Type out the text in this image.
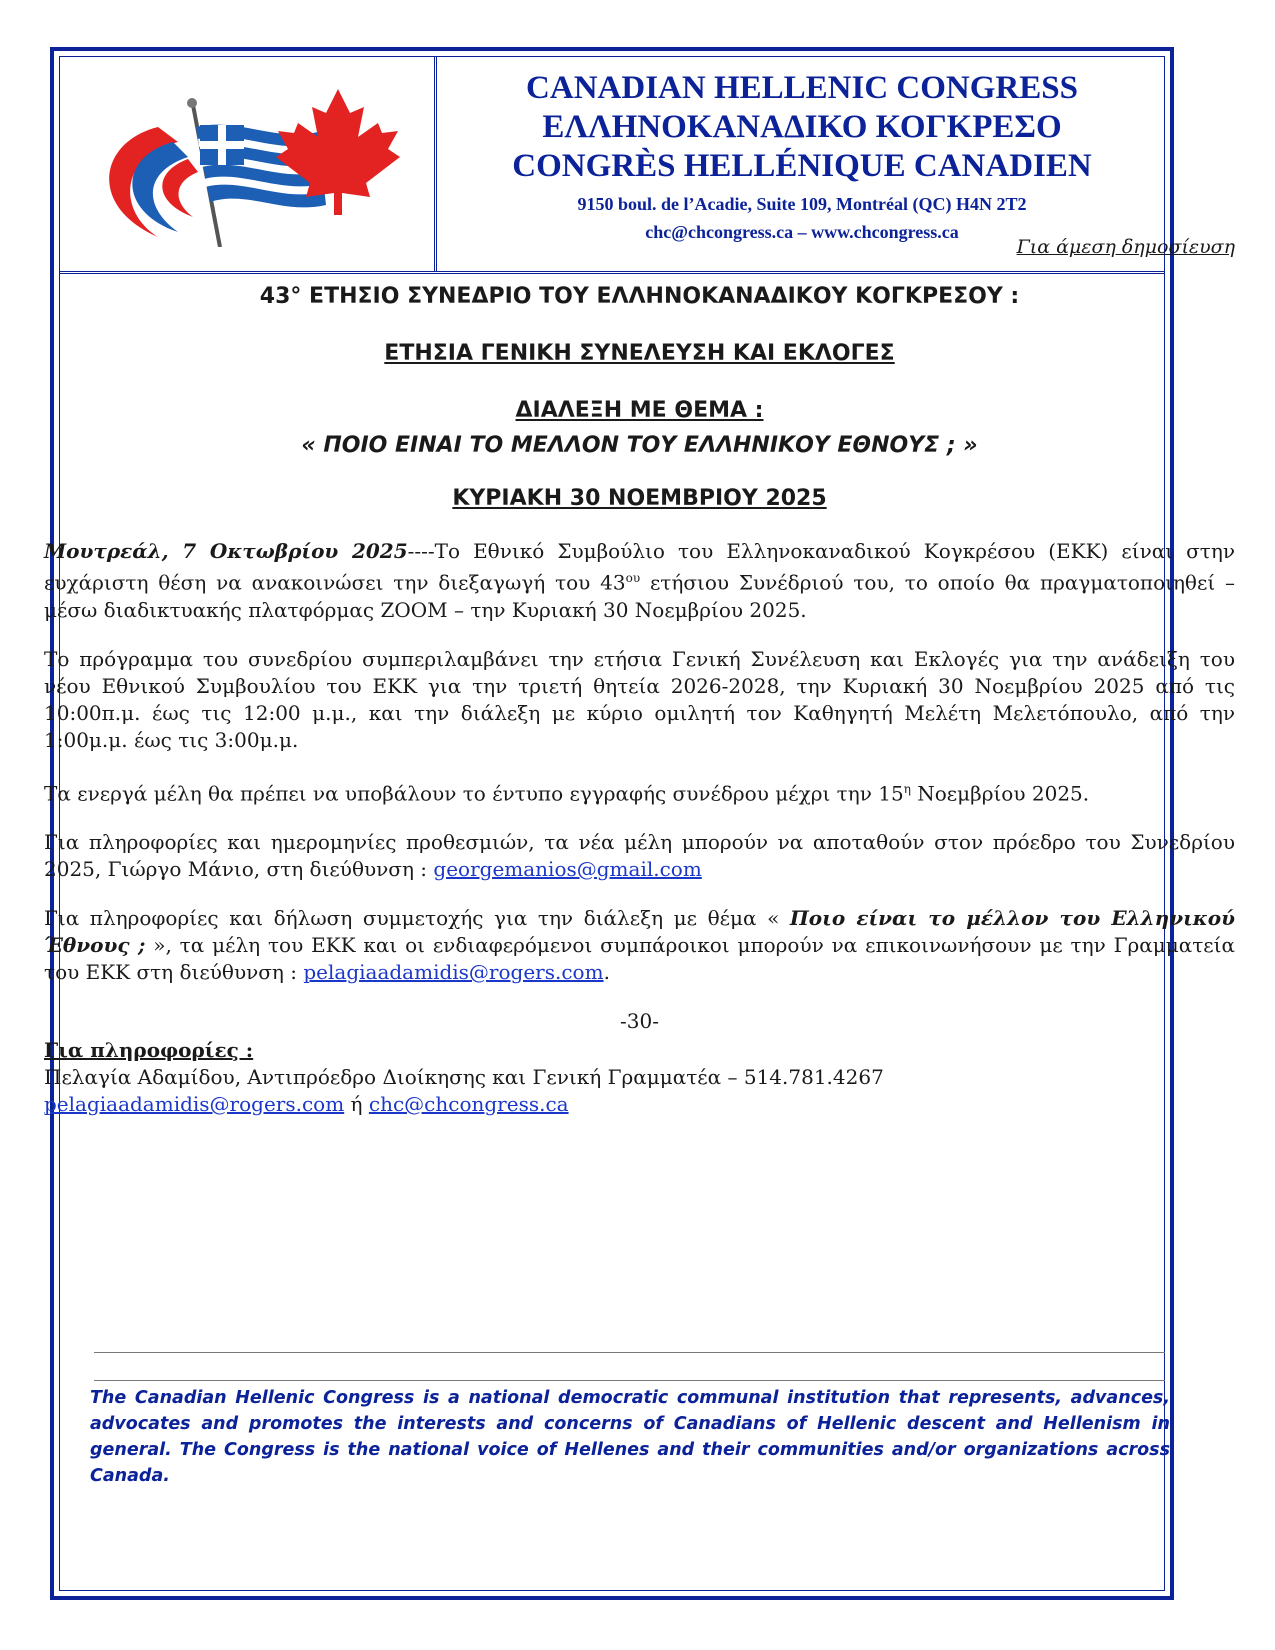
CANADIAN HELLENIC CONGRESS
ΕΛΛΗΝΟΚΑΝΑΔΙΚΟ ΚΟΓΚΡΕΣΟ
CONGRÈS HELLÉNIQUE CANADIEN
9150 boul. de l’Acadie, Suite 109, Montréal (QC) H4N 2T2
chc@chcongress.ca – www.chcongress.ca
Για άμεση δημοσίευση
43° ΕΤΗΣΙΟ ΣΥΝΕΔΡΙΟ ΤΟΥ ΕΛΛΗΝΟΚΑΝΑΔΙΚΟΥ ΚΟΓΚΡΕΣΟΥ :
ΕΤΗΣΙΑ ΓΕΝΙΚΗ ΣΥΝΕΛΕΥΣΗ ΚΑΙ ΕΚΛΟΓΕΣ
ΔΙΑΛΕΞΗ ΜΕ ΘΕΜΑ :
« ΠΟΙΟ ΕΙΝΑΙ ΤΟ ΜΕΛΛΟΝ ΤΟΥ ΕΛΛΗΝΙΚΟΥ ΕΘΝΟΥΣ ; »
ΚΥΡΙΑΚΗ 30 ΝΟΕΜΒΡΙΟΥ 2025
Μουτρεάλ, 7 Οκτωβρίου 2025----Το Εθνικό Συμβούλιο του Ελληνοκαναδικού Κογκρέσου (ΕΚΚ) είναι στην ευχάριστη θέση να ανακοινώσει την διεξαγωγή του $43^{o\upsilon}$ ετήσιου Συνέδριού του, το οποίο θα πραγματοποιηθεί – μέσω διαδικτυακής πλατφόρμας ZOOM – την Κυριακή 30 Νοεμβρίου 2025.
Το πρόγραμμα του συνεδρίου συμπεριλαμβάνει την ετήσια Γενική Συνέλευση και Εκλογές για την ανάδειξη του νέου Εθνικού Συμβουλίου του ΕΚΚ για την τριετή θητεία 2026-2028, την Κυριακή 30 Νοεμβρίου 2025 από τις 10:00π.μ. έως τις 12:00 μ.μ., και την διάλεξη με κύριο ομιλητή τον Καθηγητή Μελέτη Μελετόπουλο, από την 1:00μ.μ. έως τις 3:00μ.μ.
Τα ενεργά μέλη θα πρέπει να υποβάλουν το έντυπο εγγραφής συνέδρου μέχρι την $15^\eta$ Νοεμβρίου 2025.
Για πληροφορίες και ημερομηνίες προθεσμιών, τα νέα μέλη μπορούν να αποταθούν στον πρόεδρο του Συνεδρίου 2025, Γιώργο Μάνιο, στη διεύθυνση : georgemanios@gmail.com
Για πληροφορίες και δήλωση συμμετοχής για την διάλεξη με θέμα « Ποιο είναι το μέλλον του Ελληνικού Έθνους ; », τα μέλη του ΕΚΚ και οι ενδιαφερόμενοι συμπάροικοι μπορούν να επικοινωνήσουν με την Γραμματεία του ΕΚΚ στη διεύθυνση : pelagiaadamidis@rogers.com.
-30-
Για πληροφορίες :
Πελαγία Αδαμίδου, Αντιπρόεδρο Διοίκησης και Γενική Γραμματέα – 514.781.4267
pelagiaadamidis@rogers.com ή chc@chcongress.ca
The Canadian Hellenic Congress is a national democratic communal institution that represents, advances, advocates and promotes the interests and concerns of Canadians of Hellenic descent and Hellenism in general. The Congress is the national voice of Hellenes and their communities and/or organizations across Canada.
